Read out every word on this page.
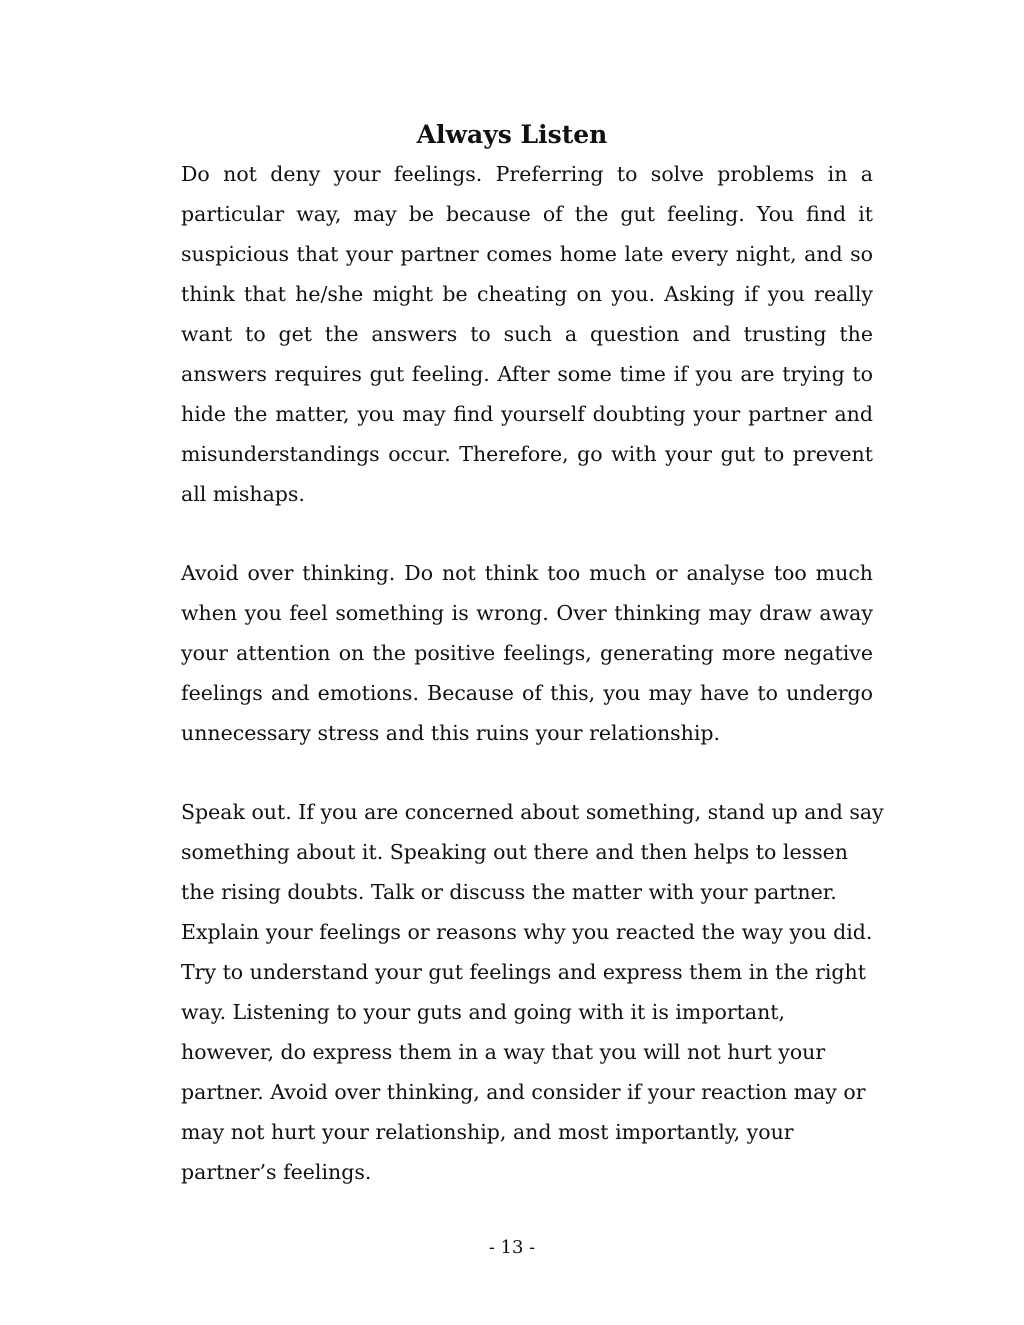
Always Listen
Do not deny your feelings. Preferring to solve problems in a
particular way, may be because of the gut feeling. You find it
suspicious that your partner comes home late every night, and so
think that he/she might be cheating on you. Asking if you really
want to get the answers to such a question and trusting the
answers requires gut feeling. After some time if you are trying to
hide the matter, you may find yourself doubting your partner and
misunderstandings occur. Therefore, go with your gut to prevent
all mishaps.
Avoid over thinking. Do not think too much or analyse too much
when you feel something is wrong. Over thinking may draw away
your attention on the positive feelings, generating more negative
feelings and emotions. Because of this, you may have to undergo
unnecessary stress and this ruins your relationship.
Speak out. If you are concerned about something, stand up and say
something about it. Speaking out there and then helps to lessen
the rising doubts. Talk or discuss the matter with your partner.
Explain your feelings or reasons why you reacted the way you did.
Try to understand your gut feelings and express them in the right
way. Listening to your guts and going with it is important,
however, do express them in a way that you will not hurt your
partner. Avoid over thinking, and consider if your reaction may or
may not hurt your relationship, and most importantly, your
partner’s feelings.

- 13 -
